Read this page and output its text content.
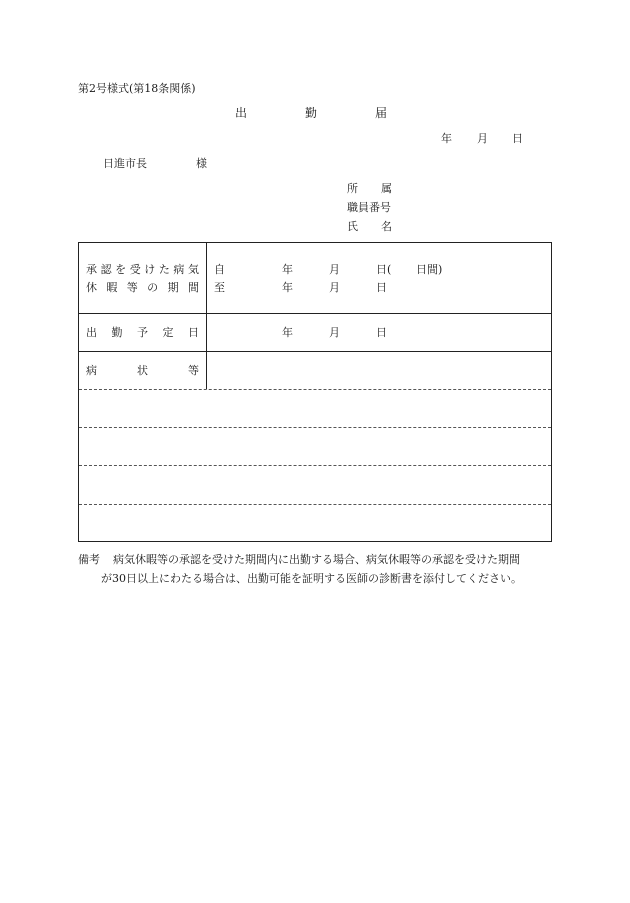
第2号様式(第18条関係)
出	勤	届
年 月 日
日進市長	様
所 属
職員番号
氏 名
承 認 を 受 け た 病 気
休 暇 等 の 期 間
自	年	月	日( 日間)
至	年	月	日
出 勤 予 定 日	年	月	日
病	状	等
備考 病気休暇等の承認を受けた期間内に出勤する場合、病気休暇等の承認を受けた期間
が30日以上にわたる場合は、出勤可能を証明する医師の診断書を添付してください。
